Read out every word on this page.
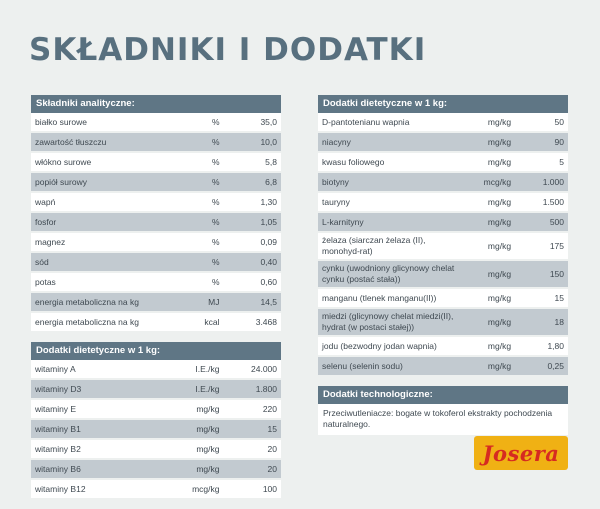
SKŁADNIKI I DODATKI
Składniki analityczne:
białko surowe	%	35,0
zawartość tłuszczu	%	10,0
włókno surowe	%	5,8
popiół surowy	%	6,8
wapń	%	1,30
fosfor	%	1,05
magnez	%	0,09
sód	%	0,40
potas	%	0,60
energia metaboliczna na kg	MJ	14,5
energia metaboliczna na kg	kcal	3.468
Dodatki dietetyczne w 1 kg:
witaminy A	I.E./kg	24.000
witaminy D3	I.E./kg	1.800
witaminy E	mg/kg	220
witaminy B1	mg/kg	15
witaminy B2	mg/kg	20
witaminy B6	mg/kg	20
witaminy B12	mcg/kg	100
Dodatki dietetyczne w 1 kg:
D-pantotenianu wapnia	mg/kg	50
niacyny	mg/kg	90
kwasu foliowego	mg/kg	5
biotyny	mcg/kg	1.000
tauryny	mg/kg	1.500
L-karnityny	mg/kg	500
żelaza (siarczan żelaza (II), monohyd-rat)	mg/kg	175
cynku (uwodniony glicynowy chelat cynku (postać stała))	mg/kg	150
manganu (tlenek manganu(II))	mg/kg	15
miedzi (glicynowy chelat miedzi(II), hydrat (w postaci stałej))	mg/kg	18
jodu (bezwodny jodan wapnia)	mg/kg	1,80
selenu (selenin sodu)	mg/kg	0,25
Dodatki technologiczne:
Przeciwutleniacze: bogate w tokoferol ekstrakty pochodzenia naturalnego.
Josera
